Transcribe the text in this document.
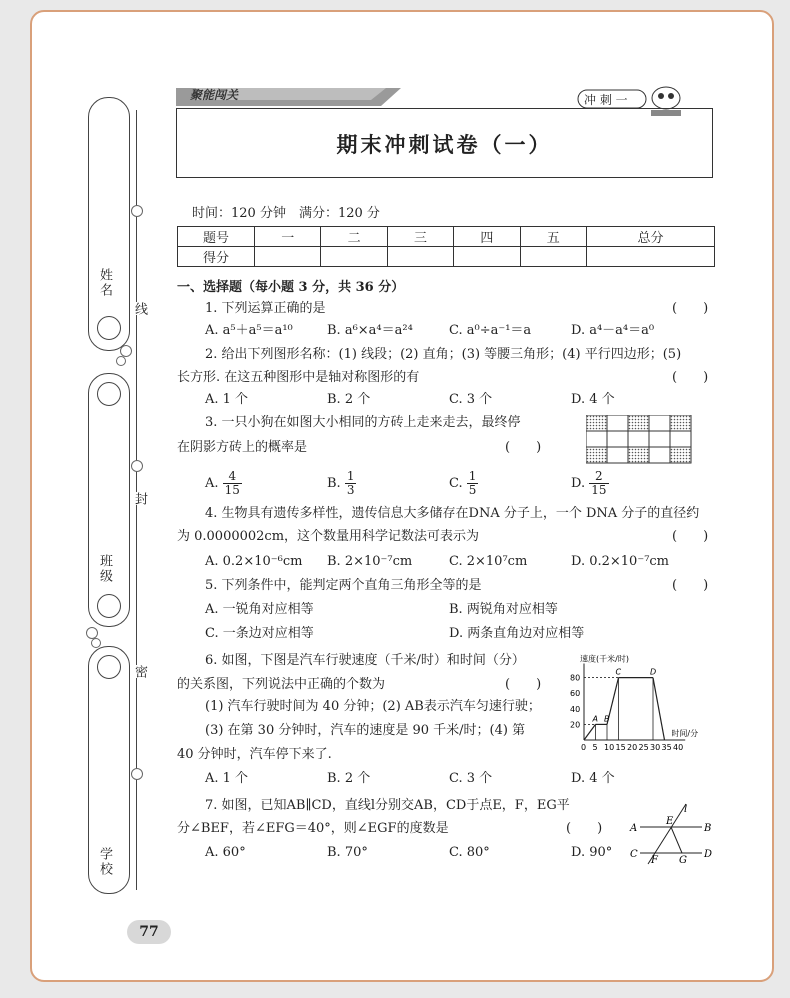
姓名
班级
学校
线
封
密
聚能闯关	冲 刺 一
期末冲刺试卷（一）
时间：120 分钟　满分：120 分
题号	一	二	三	四	五	总分
得分						
一、选择题（每小题 3 分，共 36 分）
1. 下列运算正确的是	(　　)
A. a⁵＋a⁵＝a¹⁰	B. a⁶×a⁴＝a²⁴	C. a⁰÷a⁻¹＝a	D. a⁴－a⁴＝a⁰
2. 给出下列图形名称：(1) 线段；(2) 直角；(3) 等腰三角形；(4) 平行四边形；(5)
长方形. 在这五种图形中是轴对称图形的有	(　　)
A. 1 个	B. 2 个	C. 3 个	D. 4 个
3. 一只小狗在如图大小相同的方砖上走来走去，最终停
在阴影方砖上的概率是	(　　)
A. $\frac{4}{15}$	B. $\frac{1}{3}$	C. $\frac{1}{5}$	D. $\frac{2}{15}$
4. 生物具有遗传多样性，遗传信息大多储存在DNA 分子上，一个 DNA 分子的直径约
为 0.0000002cm，这个数量用科学记数法可表示为	(　　)
A. 0.2×10⁻⁶cm B. 2×10⁻⁷cm	C. 2×10⁷cm	D. 0.2×10⁻⁷cm
5. 下列条件中，能判定两个直角三角形全等的是	(　　)
A. 一锐角对应相等	B. 两锐角对应相等
C. 一条边对应相等	D. 两条直角边对应相等
6. 如图，下图是汽车行驶速度（千米/时）和时间（分）
的关系图，下列说法中正确的个数为	(　　)
(1) 汽车行驶时间为 40 分钟；(2) AB表示汽车匀速行驶；
(3) 在第 30 分钟时，汽车的速度是 90 千米/时；(4) 第
40 分钟时，汽车停下来了.
A. 1 个	B. 2 个	C. 3 个	D. 4 个
速度(千米/时)
时间/分
20
40
60
80
0 5 10 15 20 25 30 35 40
A B
C	D
7. 如图，已知AB∥CD，直线l分别交AB，CD于点E，F，EG平
分∠BEF，若∠EFG＝40°，则∠EGF的度数是	(　　)
A. 60°	B. 70°	C. 80°	D. 90°
l
A	B
C	D
E
F G
77
